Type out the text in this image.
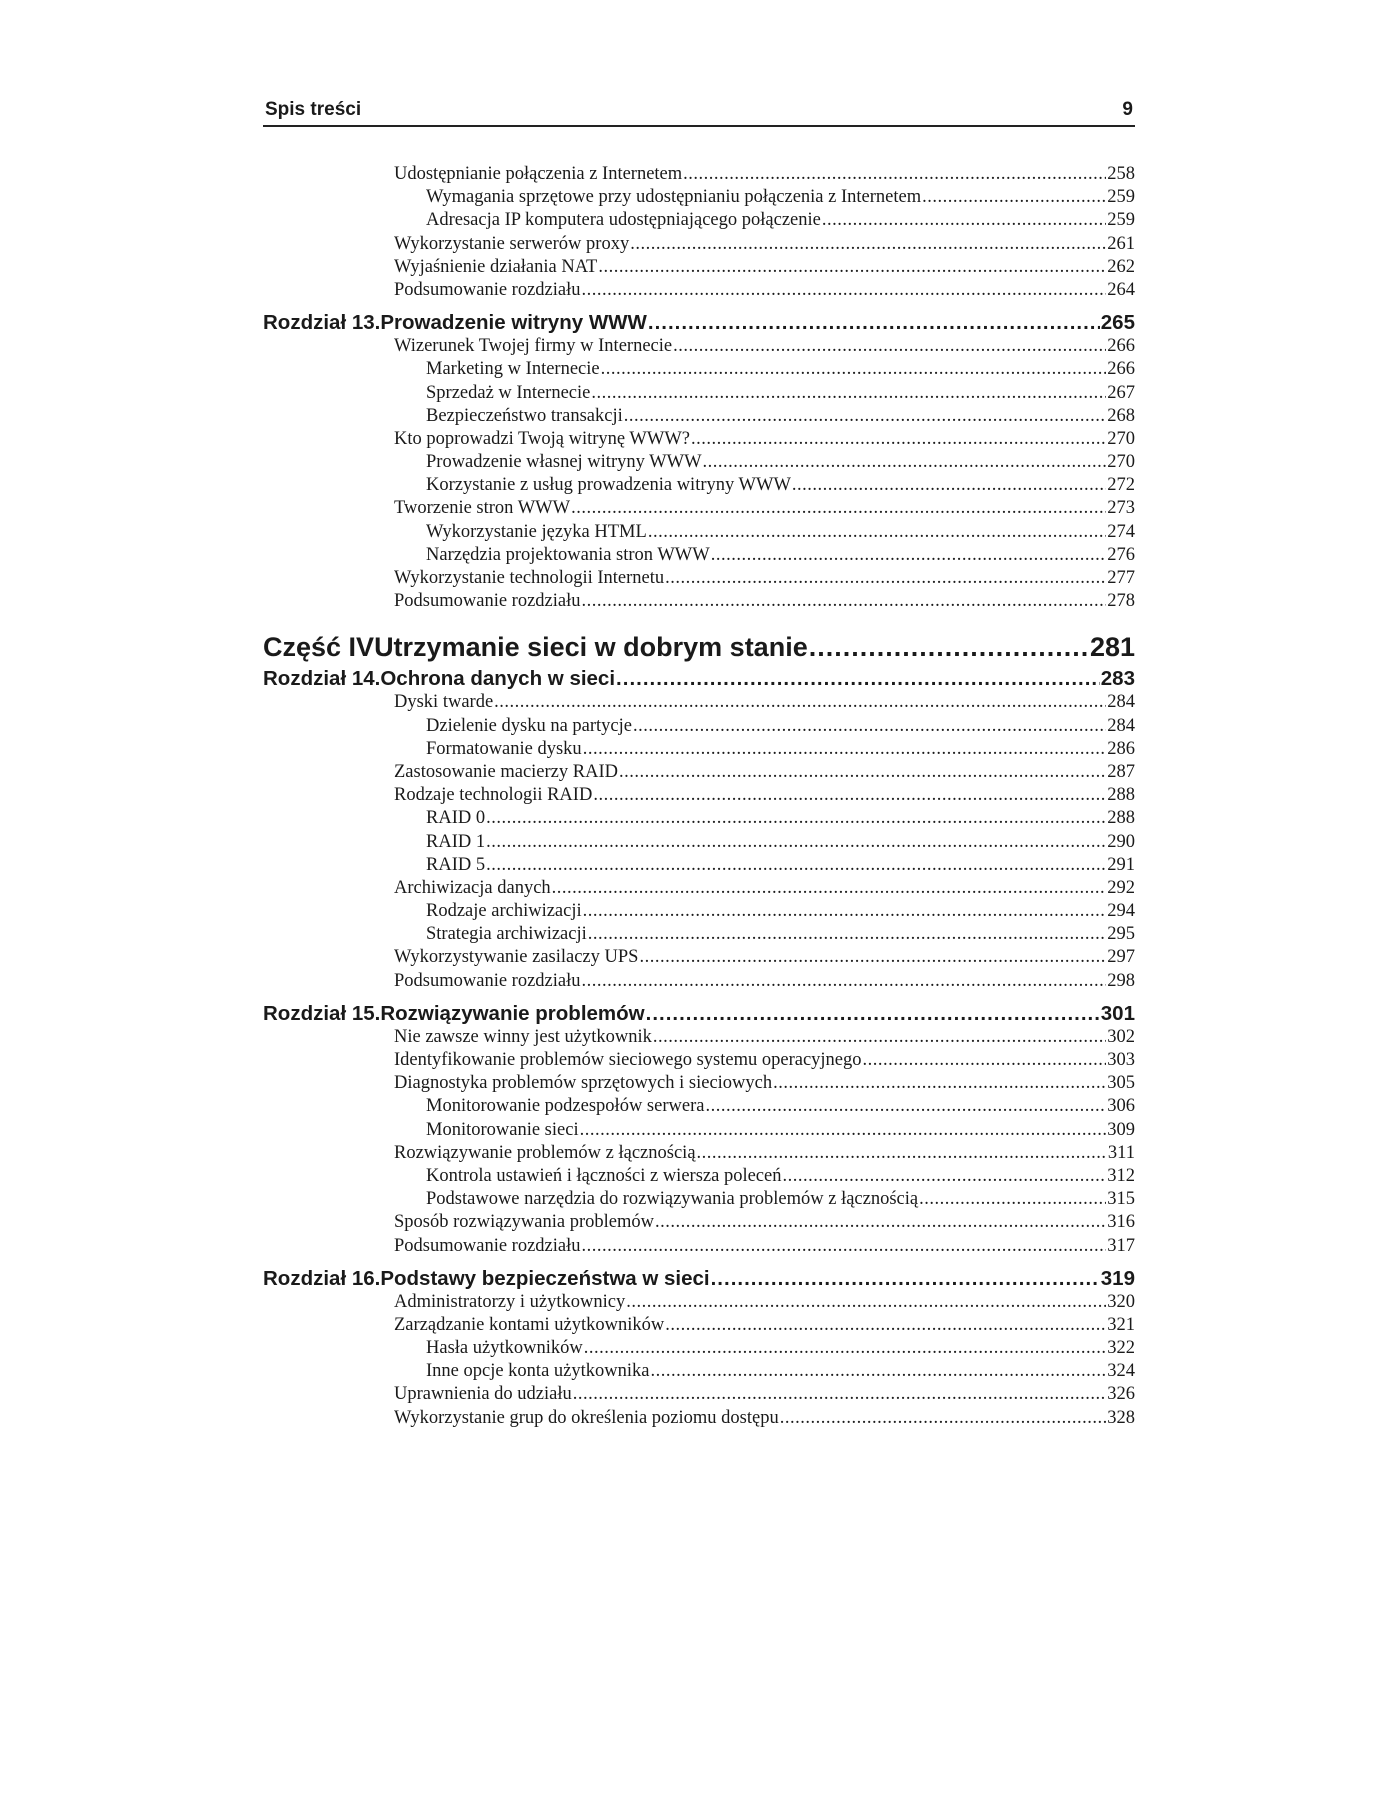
Spis treści	9
Udostępnianie połączenia z Internetem .....	258
Wymagania sprzętowe przy udostępnianiu połączenia z Internetem .....	259
Adresacja IP komputera udostępniającego połączenie .....	259
Wykorzystanie serwerów proxy .....	261
Wyjaśnienie działania NAT .....	262
Podsumowanie rozdziału .....	264
Rozdział 13. Prowadzenie witryny WWW .....	265
Wizerunek Twojej firmy w Internecie .....	266
Marketing w Internecie .....	266
Sprzedaż w Internecie .....	267
Bezpieczeństwo transakcji .....	268
Kto poprowadzi Twoją witrynę WWW? .....	270
Prowadzenie własnej witryny WWW .....	270
Korzystanie z usług prowadzenia witryny WWW .....	272
Tworzenie stron WWW .....	273
Wykorzystanie języka HTML .....	274
Narzędzia projektowania stron WWW .....	276
Wykorzystanie technologii Internetu .....	277
Podsumowanie rozdziału .....	278
Część IV Utrzymanie sieci w dobrym stanie .....	281
Rozdział 14. Ochrona danych w sieci .....	283
Dyski twarde .....	284
Dzielenie dysku na partycje .....	284
Formatowanie dysku .....	286
Zastosowanie macierzy RAID .....	287
Rodzaje technologii RAID .....	288
RAID 0 .....	288
RAID 1 .....	290
RAID 5 .....	291
Archiwizacja danych .....	292
Rodzaje archiwizacji .....	294
Strategia archiwizacji .....	295
Wykorzystywanie zasilaczy UPS .....	297
Podsumowanie rozdziału .....	298
Rozdział 15. Rozwiązywanie problemów .....	301
Nie zawsze winny jest użytkownik .....	302
Identyfikowanie problemów sieciowego systemu operacyjnego .....	303
Diagnostyka problemów sprzętowych i sieciowych .....	305
Monitorowanie podzespołów serwera .....	306
Monitorowanie sieci .....	309
Rozwiązywanie problemów z łącznością .....	311
Kontrola ustawień i łączności z wiersza poleceń .....	312
Podstawowe narzędzia do rozwiązywania problemów z łącznością .....	315
Sposób rozwiązywania problemów .....	316
Podsumowanie rozdziału .....	317
Rozdział 16. Podstawy bezpieczeństwa w sieci .....	319
Administratorzy i użytkownicy .....	320
Zarządzanie kontami użytkowników .....	321
Hasła użytkowników .....	322
Inne opcje konta użytkownika .....	324
Uprawnienia do udziału .....	326
Wykorzystanie grup do określenia poziomu dostępu .....	328
